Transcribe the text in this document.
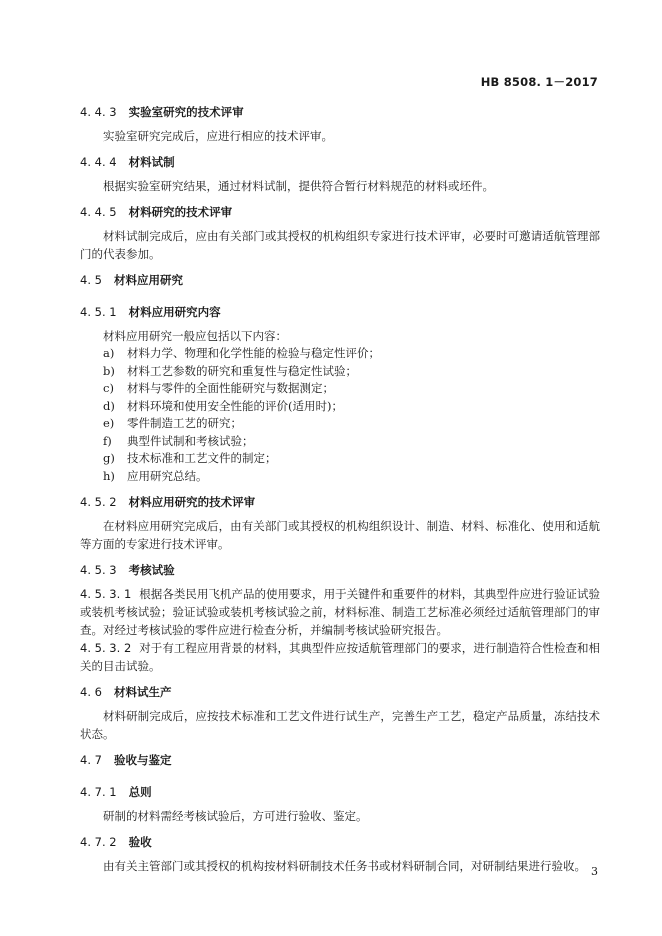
HB 8508. 1－2017
4. 4. 3 实验室研究的技术评审
实验室研究完成后，应进行相应的技术评审。
4. 4. 4 材料试制
根据实验室研究结果，通过材料试制，提供符合暂行材料规范的材料或坯件。
4. 4. 5 材料研究的技术评审
材料试制完成后，应由有关部门或其授权的机构组织专家进行技术评审，必要时可邀请适航管理部门的代表参加。
4. 5 材料应用研究
4. 5. 1 材料应用研究内容
材料应用研究一般应包括以下内容：
a) 材料力学、物理和化学性能的检验与稳定性评价；
b) 材料工艺参数的研究和重复性与稳定性试验；
c) 材料与零件的全面性能研究与数据测定；
d) 材料环境和使用安全性能的评价(适用时)；
e) 零件制造工艺的研究；
f) 典型件试制和考核试验；
g) 技术标准和工艺文件的制定；
h) 应用研究总结。
4. 5. 2 材料应用研究的技术评审
在材料应用研究完成后，由有关部门或其授权的机构组织设计、制造、材料、标准化、使用和适航等方面的专家进行技术评审。
4. 5. 3 考核试验
4. 5. 3. 1 根据各类民用飞机产品的使用要求，用于关键件和重要件的材料，其典型件应进行验证试验或装机考核试验；验证试验或装机考核试验之前，材料标准、制造工艺标准必须经过适航管理部门的审查。对经过考核试验的零件应进行检查分析，并编制考核试验研究报告。
4. 5. 3. 2 对于有工程应用背景的材料，其典型件应按适航管理部门的要求，进行制造符合性检查和相关的目击试验。
4. 6 材料试生产
材料研制完成后，应按技术标准和工艺文件进行试生产，完善生产工艺，稳定产品质量，冻结技术状态。
4. 7 验收与鉴定
4. 7. 1 总则
研制的材料需经考核试验后，方可进行验收、鉴定。
4. 7. 2 验收
由有关主管部门或其授权的机构按材料研制技术任务书或材料研制合同，对研制结果进行验收。 3
